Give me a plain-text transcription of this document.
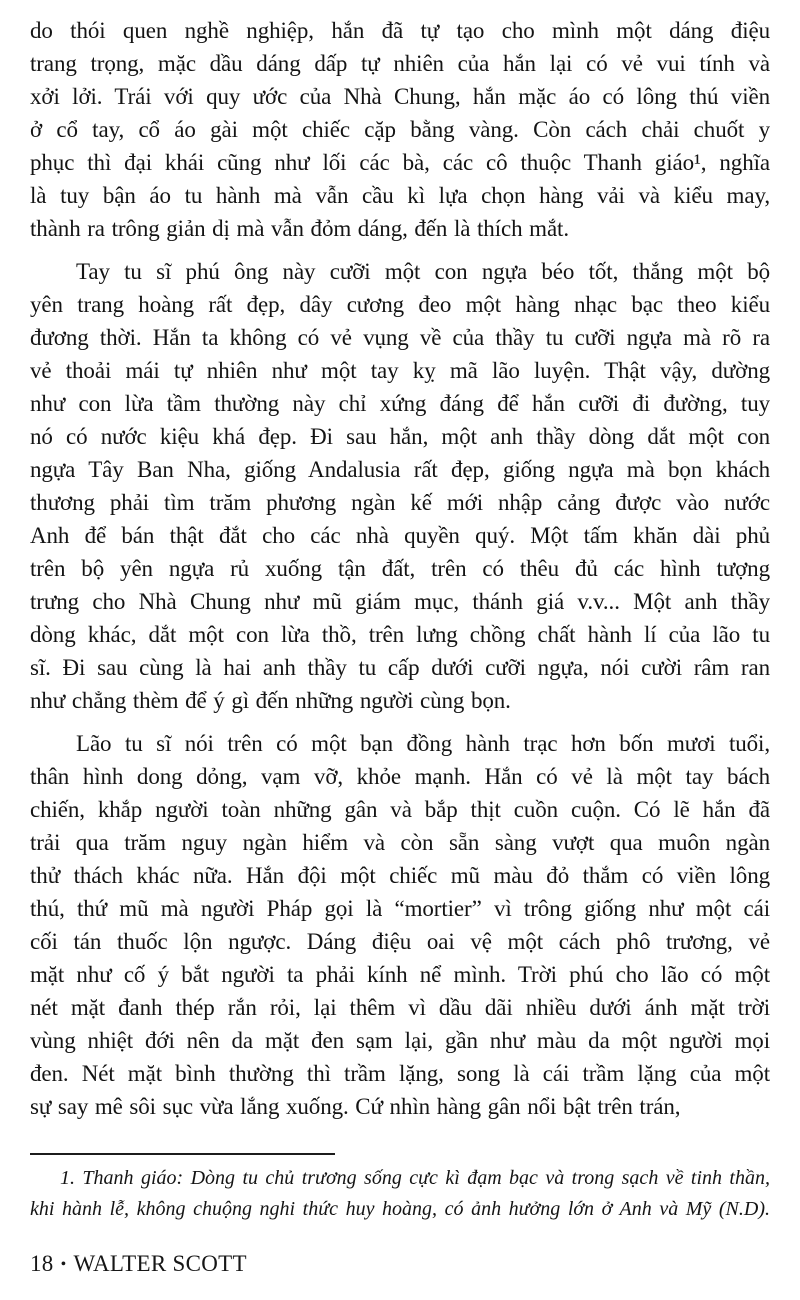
do thói quen nghề nghiệp, hắn đã tự tạo cho mình một dáng điệu
trang trọng, mặc dầu dáng dấp tự nhiên của hắn lại có vẻ vui tính và
xởi lởi. Trái với quy ước của Nhà Chung, hắn mặc áo có lông thú viền
ở cổ tay, cổ áo gài một chiếc cặp bằng vàng. Còn cách chải chuốt y
phục thì đại khái cũng như lối các bà, các cô thuộc Thanh giáo¹, nghĩa
là tuy bận áo tu hành mà vẫn cầu kì lựa chọn hàng vải và kiểu may,
thành ra trông giản dị mà vẫn đỏm dáng, đến là thích mắt.
Tay tu sĩ phú ông này cưỡi một con ngựa béo tốt, thắng một bộ
yên trang hoàng rất đẹp, dây cương đeo một hàng nhạc bạc theo kiểu
đương thời. Hắn ta không có vẻ vụng về của thầy tu cưỡi ngựa mà rõ ra
vẻ thoải mái tự nhiên như một tay kỵ mã lão luyện. Thật vậy, dường
như con lừa tầm thường này chỉ xứng đáng để hắn cưỡi đi đường, tuy
nó có nước kiệu khá đẹp. Đi sau hắn, một anh thầy dòng dắt một con
ngựa Tây Ban Nha, giống Andalusia rất đẹp, giống ngựa mà bọn khách
thương phải tìm trăm phương ngàn kế mới nhập cảng được vào nước
Anh để bán thật đắt cho các nhà quyền quý. Một tấm khăn dài phủ
trên bộ yên ngựa rủ xuống tận đất, trên có thêu đủ các hình tượng
trưng cho Nhà Chung như mũ giám mục, thánh giá v.v... Một anh thầy
dòng khác, dắt một con lừa thồ, trên lưng chồng chất hành lí của lão tu
sĩ. Đi sau cùng là hai anh thầy tu cấp dưới cưỡi ngựa, nói cười râm ran
như chẳng thèm để ý gì đến những người cùng bọn.
Lão tu sĩ nói trên có một bạn đồng hành trạc hơn bốn mươi tuổi,
thân hình dong dỏng, vạm vỡ, khỏe mạnh. Hắn có vẻ là một tay bách
chiến, khắp người toàn những gân và bắp thịt cuồn cuộn. Có lẽ hắn đã
trải qua trăm nguy ngàn hiểm và còn sẵn sàng vượt qua muôn ngàn
thử thách khác nữa. Hắn đội một chiếc mũ màu đỏ thắm có viền lông
thú, thứ mũ mà người Pháp gọi là “mortier” vì trông giống như một cái
cối tán thuốc lộn ngược. Dáng điệu oai vệ một cách phô trương, vẻ
mặt như cố ý bắt người ta phải kính nể mình. Trời phú cho lão có một
nét mặt đanh thép rắn rỏi, lại thêm vì dầu dãi nhiều dưới ánh mặt trời
vùng nhiệt đới nên da mặt đen sạm lại, gần như màu da một người mọi
đen. Nét mặt bình thường thì trầm lặng, song là cái trầm lặng của một
sự say mê sôi sục vừa lắng xuống. Cứ nhìn hàng gân nổi bật trên trán,
1. Thanh giáo: Dòng tu chủ trương sống cực kì đạm bạc và trong sạch về tinh thần,
khi hành lễ, không chuộng nghi thức huy hoàng, có ảnh hưởng lớn ở Anh và Mỹ (N.D).
18 • WALTER SCOTT
